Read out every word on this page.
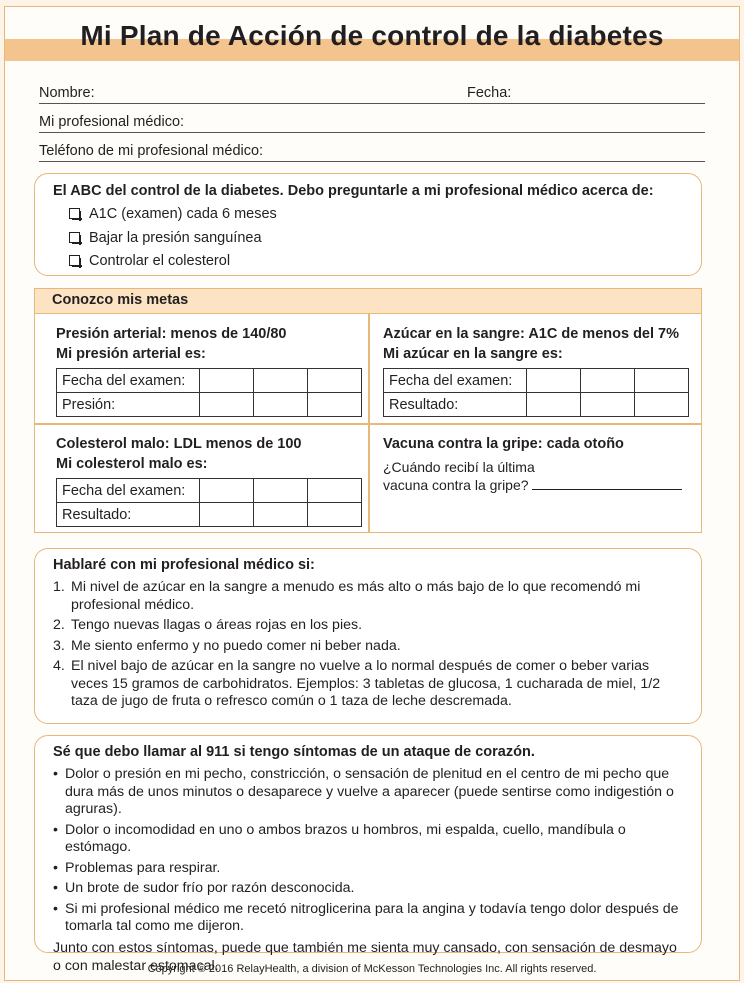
Mi Plan de Acción de control de la diabetes
Nombre:	Fecha:
Mi profesional médico:
Teléfono de mi profesional médico:
El ABC del control de la diabetes. Debo preguntarle a mi profesional médico acerca de:
A1C (examen) cada 6 meses
Bajar la presión sanguínea
Controlar el colesterol
Conozco mis metas
Presión arterial: menos de 140/80
Mi presión arterial es:
Fecha del examen:			
Presión:			
Azúcar en la sangre: A1C de menos del 7%
Mi azúcar en la sangre es:
Fecha del examen:			
Resultado:			
Colesterol malo: LDL menos de 100
Mi colesterol malo es:
Fecha del examen:			
Resultado:			
Vacuna contra la gripe: cada otoño
¿Cuándo recibí la última
vacuna contra la gripe?
Hablaré con mi profesional médico si:
1. Mi nivel de azúcar en la sangre a menudo es más alto o más bajo de lo que recomendó mi profesional médico.
2. Tengo nuevas llagas o áreas rojas en los pies.
3. Me siento enfermo y no puedo comer ni beber nada.
4. El nivel bajo de azúcar en la sangre no vuelve a lo normal después de comer o beber varias veces 15 gramos de carbohidratos. Ejemplos: 3 tabletas de glucosa, 1 cucharada de miel, 1/2 taza de jugo de fruta o refresco común o 1 taza de leche descremada.
Sé que debo llamar al 911 si tengo síntomas de un ataque de corazón.
• Dolor o presión en mi pecho, constricción, o sensación de plenitud en el centro de mi pecho que dura más de unos minutos o desaparece y vuelve a aparecer (puede sentirse como indigestión o agruras).
• Dolor o incomodidad en uno o ambos brazos u hombros, mi espalda, cuello, mandíbula o estómago.
• Problemas para respirar.
• Un brote de sudor frío por razón desconocida.
• Si mi profesional médico me recetó nitroglicerina para la angina y todavía tengo dolor después de tomarla tal como me dijeron.
Junto con estos síntomas, puede que también me sienta muy cansado, con sensación de desmayo o con malestar estomacal.
Copyright © 2016 RelayHealth, a division of McKesson Technologies Inc. All rights reserved.
